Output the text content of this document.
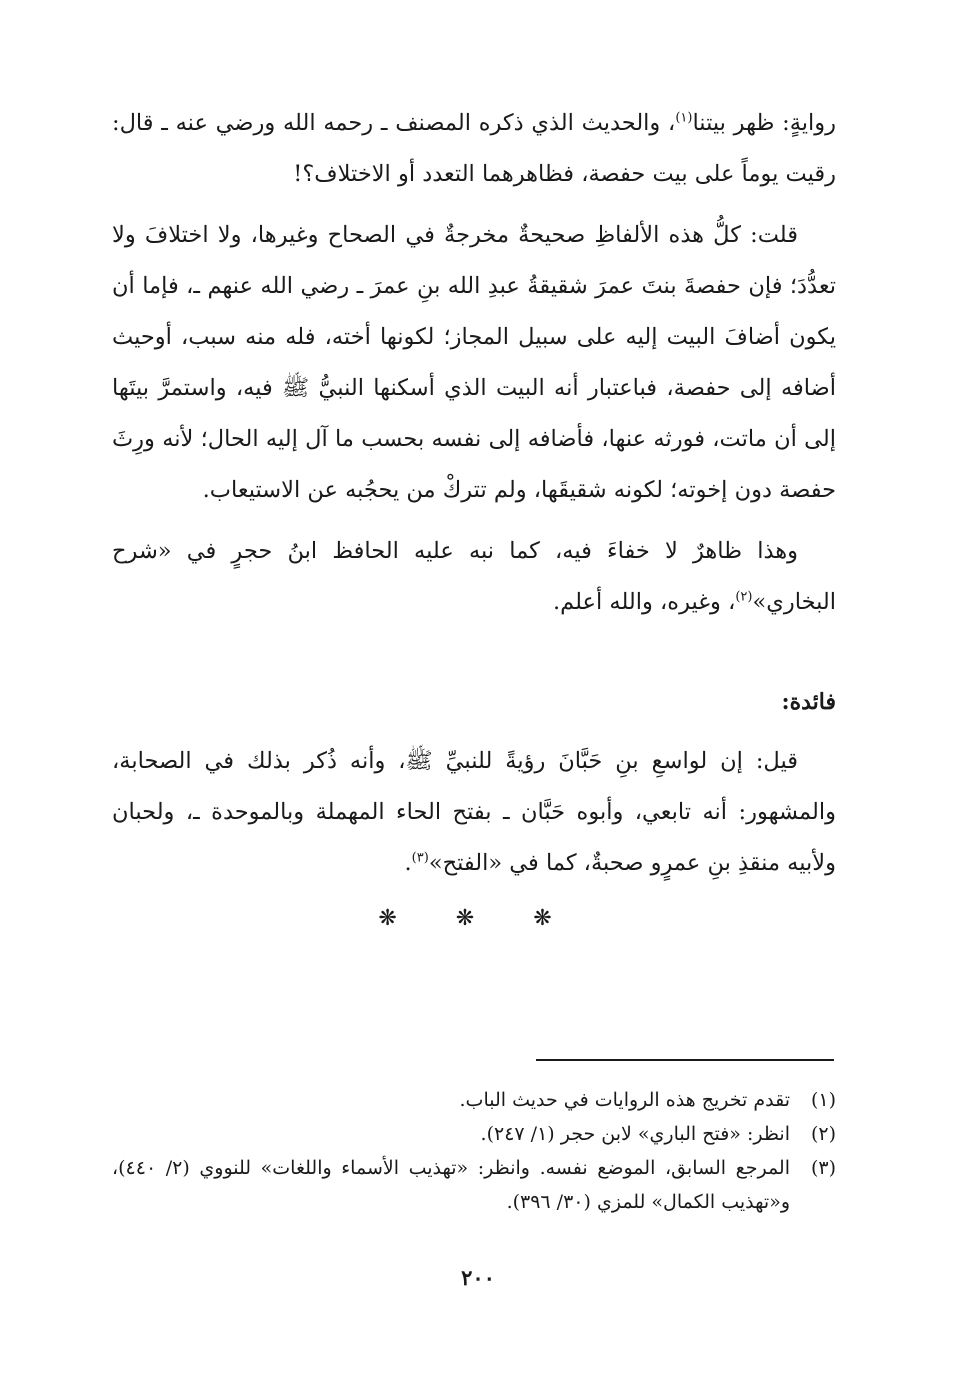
روايةٍ: ظهر بيتنا$^{(١)}$، والحديث الذي ذكره المصنف ـ رحمه الله ورضي عنه ـ قال: رقيت يوماً على بيت حفصة، فظاهرهما التعدد أو الاختلاف؟!

قلت: كلُّ هذه الألفاظِ صحيحةٌ مخرجةٌ في الصحاح وغيرها، ولا اختلافَ ولا تعدُّدَ؛ فإن حفصةَ بنتَ عمرَ شقيقةُ عبدِ الله بنِ عمرَ ـ رضي الله عنهم ـ، فإما أن يكون أضافَ البيت إليه على سبيل المجاز؛ لكونها أخته، فله منه سبب، أوحيث أضافه إلى حفصة، فباعتبار أنه البيت الذي أسكنها النبيُّ ﷺ فيه، واستمرَّ بيتَها إلى أن ماتت، فورثه عنها، فأضافه إلى نفسه بحسب ما آل إليه الحال؛ لأنه ورِثَ حفصة دون إخوته؛ لكونه شقيقَها، ولم تتركْ من يحجُبه عن الاستيعاب.

وهذا ظاهرٌ لا خفاءَ فيه، كما نبه عليه الحافظ ابنُ حجرٍ في «شرح البخاري»$^{(٢)}$، وغيره، والله أعلم.

فائدة:

قيل: إن لواسعِ بنِ حَبَّانَ رؤيةً للنبيِّ ﷺ، وأنه ذُكر بذلك في الصحابة، والمشهور: أنه تابعي، وأبوه حَبَّان ـ بفتح الحاء المهملة وبالموحدة ـ، ولحبان ولأبيه منقذِ بنِ عمرٍو صحبةٌ، كما في «الفتح»$^{(٣)}$.

❋ ❋ ❋
(١)
تقدم تخريج هذه الروايات في حديث الباب.
(٢)
انظر: «فتح الباري» لابن حجر (١/ ٢٤٧).
(٣)
المرجع السابق، الموضع نفسه. وانظر: «تهذيب الأسماء واللغات» للنووي (٢/ ٤٤٠)، و«تهذيب الكمال» للمزي (٣٠/ ٣٩٦).
٢٠٠
